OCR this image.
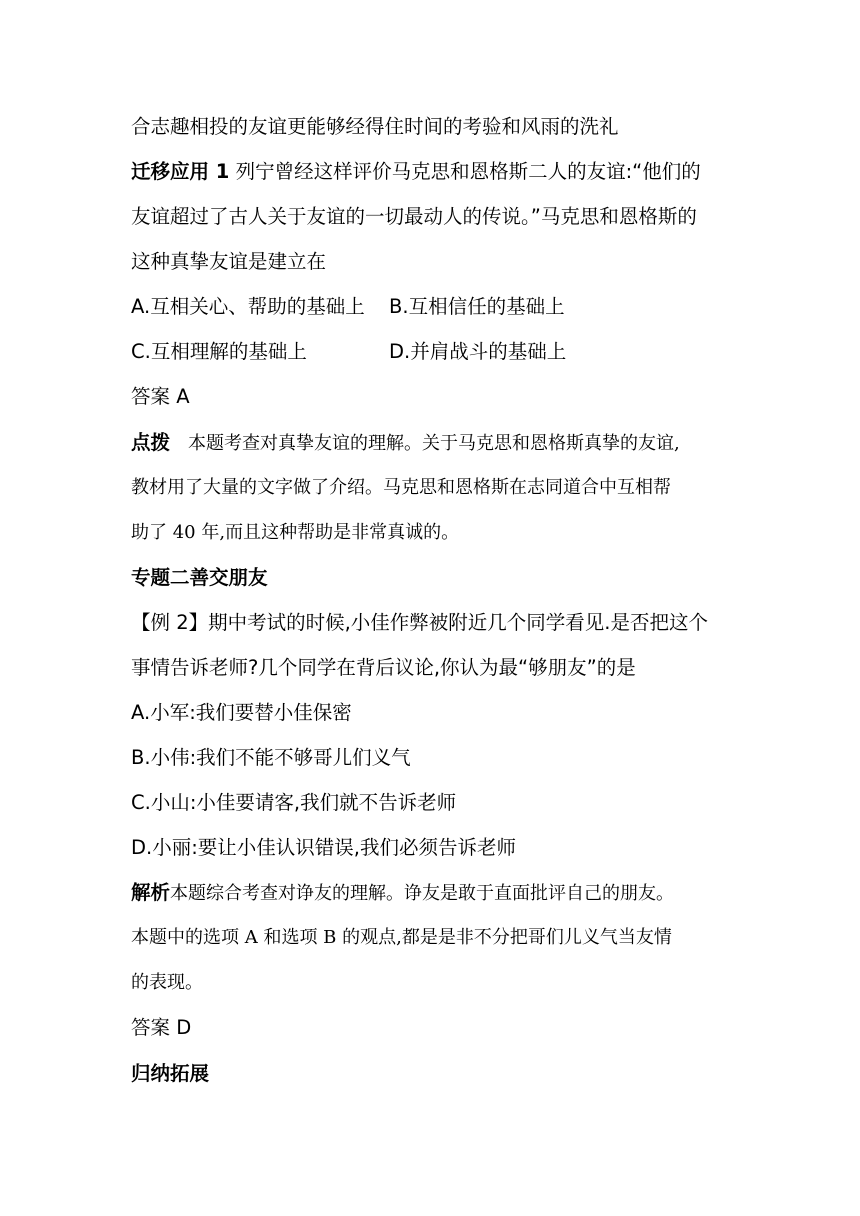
合志趣相投的友谊更能够经得住时间的考验和风雨的洗礼
迁移应用 1 列宁曾经这样评价马克思和恩格斯二人的友谊:“他们的
友谊超过了古人关于友谊的一切最动人的传说。”马克思和恩格斯的
这种真挚友谊是建立在
A.互相关心、帮助的基础上 B.互相信任的基础上
C.互相理解的基础上	D.并肩战斗的基础上
答案 A
点拨 本题考查对真挚友谊的理解。关于马克思和恩格斯真挚的友谊,
教材用了大量的文字做了介绍。马克思和恩格斯在志同道合中互相帮
助了 40 年,而且这种帮助是非常真诚的。
专题二善交朋友
【例 2】期中考试的时候,小佳作弊被附近几个同学看见.是否把这个
事情告诉老师?几个同学在背后议论,你认为最“够朋友”的是
A.小军:我们要替小佳保密
B.小伟:我们不能不够哥儿们义气
C.小山:小佳要请客,我们就不告诉老师
D.小丽:要让小佳认识错误,我们必须告诉老师
解析本题综合考查对诤友的理解。诤友是敢于直面批评自己的朋友。
本题中的选项 A 和选项 B 的观点,都是是非不分把哥们儿义气当友情
的表现。
答案 D
归纳拓展
